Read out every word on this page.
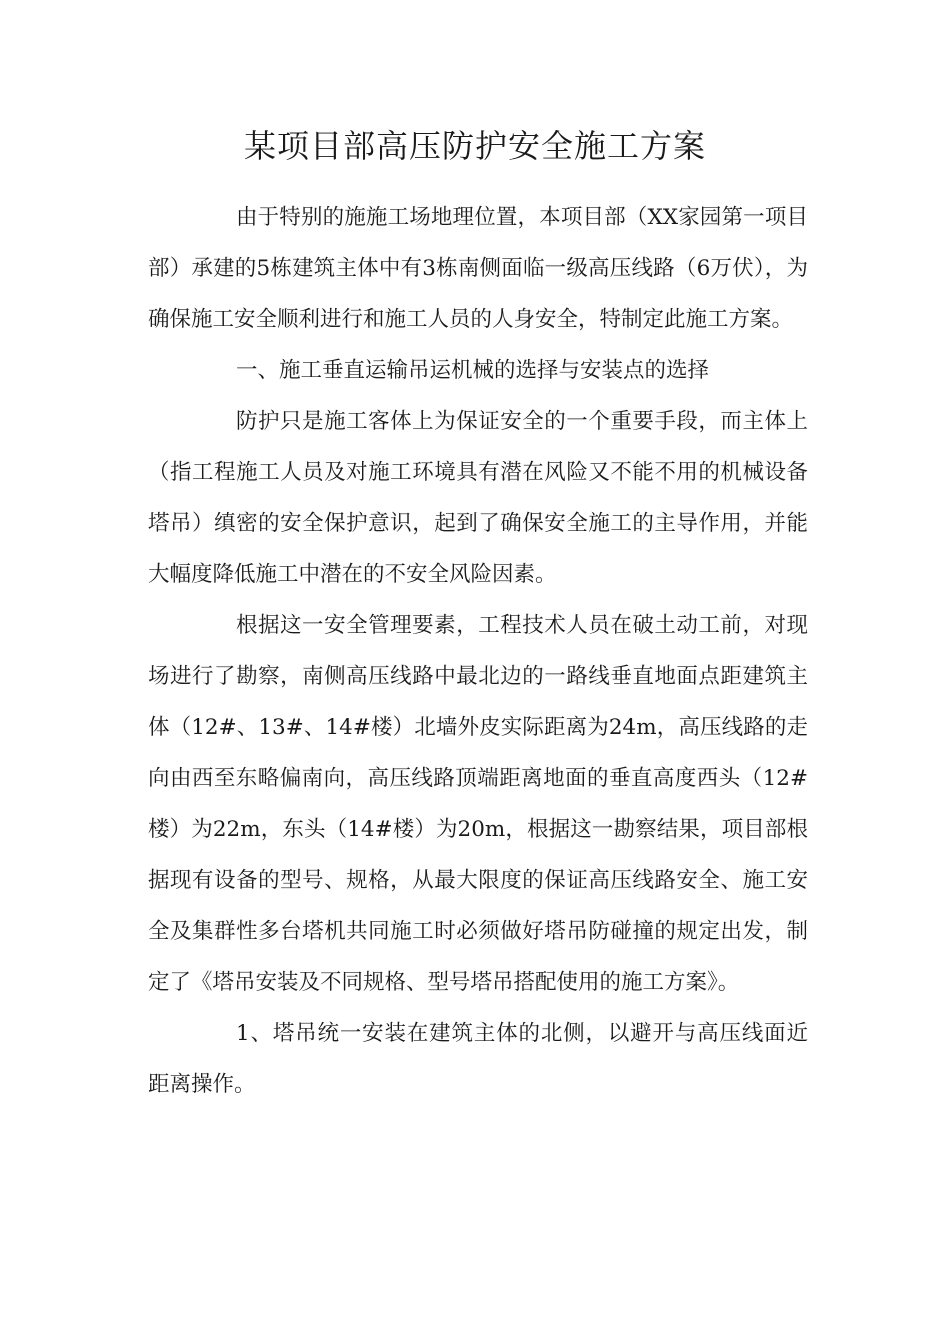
某项目部高压防护安全施工方案

由于特别的施施工场地理位置，本项目部（XX家园第一项目部）承建的5栋建筑主体中有3栋南侧面临一级高压线路（6万伏），为确保施工安全顺利进行和施工人员的人身安全，特制定此施工方案。

一、施工垂直运输吊运机械的选择与安装点的选择

防护只是施工客体上为保证安全的一个重要手段，而主体上（指工程施工人员及对施工环境具有潜在风险又不能不用的机械设备塔吊）缜密的安全保护意识，起到了确保安全施工的主导作用，并能大幅度降低施工中潜在的不安全风险因素。

根据这一安全管理要素，工程技术人员在破土动工前，对现场进行了勘察，南侧高压线路中最北边的一路线垂直地面点距建筑主体（12#、13#、14#楼）北墙外皮实际距离为24m，高压线路的走向由西至东略偏南向，高压线路顶端距离地面的垂直高度西头（12#楼）为22m，东头（14#楼）为20m，根据这一勘察结果，项目部根据现有设备的型号、规格，从最大限度的保证高压线路安全、施工安全及集群性多台塔机共同施工时必须做好塔吊防碰撞的规定出发，制定了《塔吊安装及不同规格、型号塔吊搭配使用的施工方案》。

1、塔吊统一安装在建筑主体的北侧，以避开与高压线面近距离操作。
